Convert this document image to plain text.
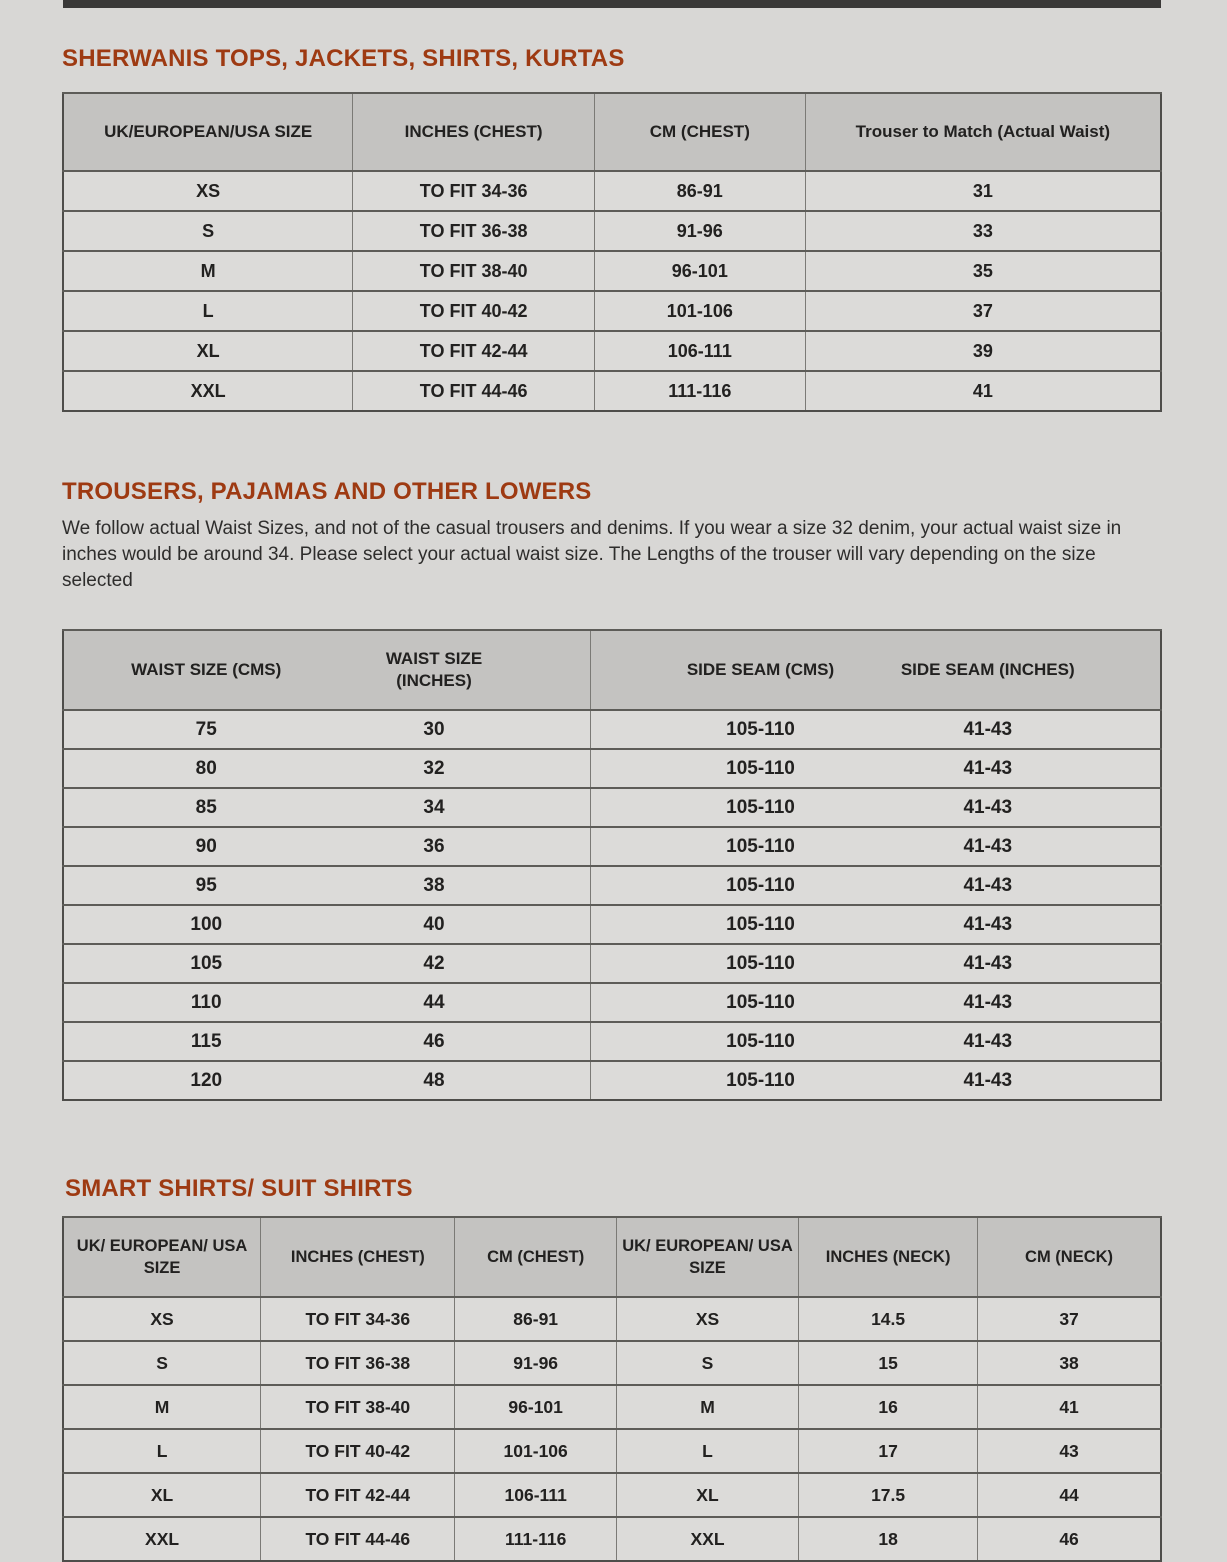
SHERWANIS TOPS, JACKETS, SHIRTS, KURTAS
UK/EUROPEAN/USA SIZE	INCHES (CHEST)	CM (CHEST)	Trouser to Match (Actual Waist)
XS	TO FIT 34-36	86-91	31
S	TO FIT 36-38	91-96	33
M	TO FIT 38-40	96-101	35
L	TO FIT 40-42	101-106	37
XL	TO FIT 42-44	106-111	39
XXL	TO FIT 44-46	111-116	41
TROUSERS, PAJAMAS AND OTHER LOWERS

We follow actual Waist Sizes, and not of the casual trousers and denims. If you wear a size 32 denim, your actual waist size in inches would be around 34. Please select your actual waist size. The Lengths of the trouser will vary depending on the size selected

WAIST SIZE (CMS)	WAIST SIZE (INCHES)	SIDE SEAM (CMS)	SIDE SEAM (INCHES)
75	30	105-110	41-43
80	32	105-110	41-43
85	34	105-110	41-43
90	36	105-110	41-43
95	38	105-110	41-43
100	40	105-110	41-43
105	42	105-110	41-43
110	44	105-110	41-43
115	46	105-110	41-43
120	48	105-110	41-43
SMART SHIRTS/ SUIT SHIRTS
UK/ EUROPEAN/ USA SIZE	INCHES (CHEST)	CM (CHEST)	UK/ EUROPEAN/ USA SIZE	INCHES (NECK)	CM (NECK)
XS	TO FIT 34-36	86-91	XS	14.5	37
S	TO FIT 36-38	91-96	S	15	38
M	TO FIT 38-40	96-101	M	16	41
L	TO FIT 40-42	101-106	L	17	43
XL	TO FIT 42-44	106-111	XL	17.5	44
XXL	TO FIT 44-46	111-116	XXL	18	46
